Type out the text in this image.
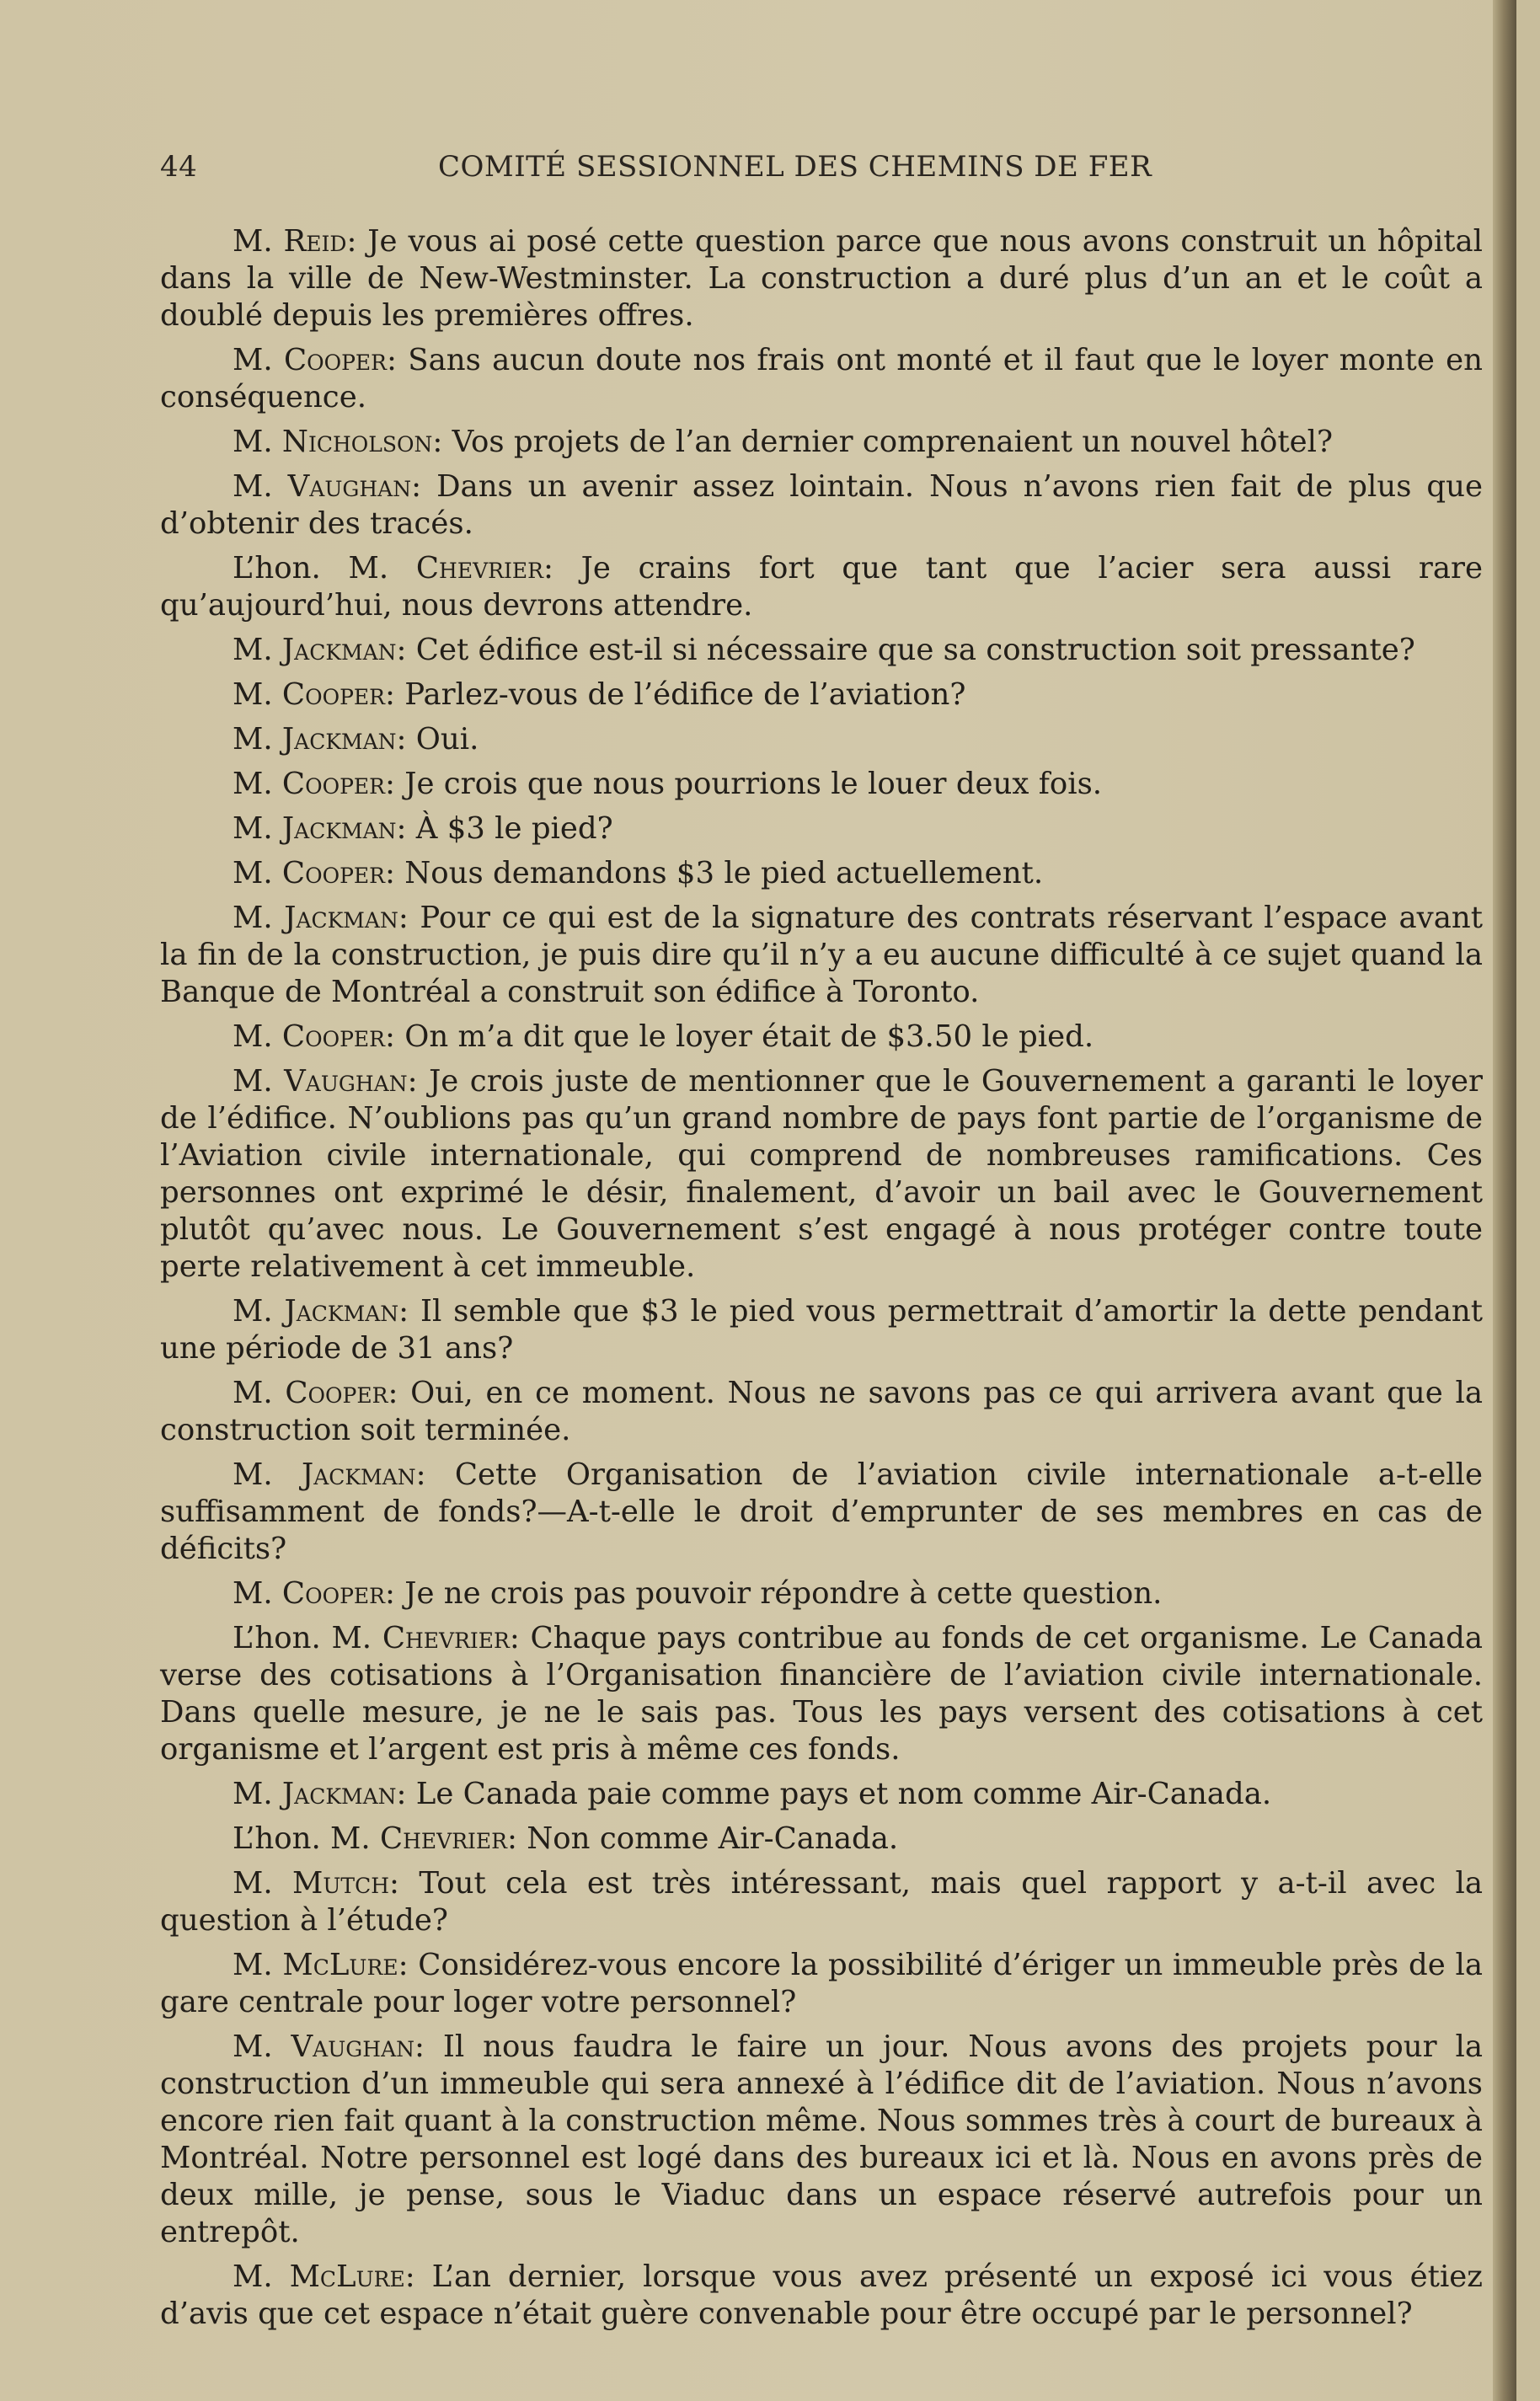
44	COMITÉ SESSIONNEL DES CHEMINS DE FER

M. Reid: Je vous ai posé cette question parce que nous avons construit un hôpital dans la ville de New-Westminster. La construction a duré plus d’un an et le coût a doublé depuis les premières offres.

M. Cooper: Sans aucun doute nos frais ont monté et il faut que le loyer monte en conséquence.

M. Nicholson: Vos projets de l’an dernier comprenaient un nouvel hôtel?

M. Vaughan: Dans un avenir assez lointain. Nous n’avons rien fait de plus que d’obtenir des tracés.

L’hon. M. Chevrier: Je crains fort que tant que l’acier sera aussi rare qu’aujourd’hui, nous devrons attendre.

M. Jackman: Cet édifice est-il si nécessaire que sa construction soit pressante?

M. Cooper: Parlez-vous de l’édifice de l’aviation?

M. Jackman: Oui.

M. Cooper: Je crois que nous pourrions le louer deux fois.

M. Jackman: À $3 le pied?

M. Cooper: Nous demandons $3 le pied actuellement.

M. Jackman: Pour ce qui est de la signature des contrats réservant l’espace avant la fin de la construction, je puis dire qu’il n’y a eu aucune difficulté à ce sujet quand la Banque de Montréal a construit son édifice à Toronto.

M. Cooper: On m’a dit que le loyer était de $3.50 le pied.

M. Vaughan: Je crois juste de mentionner que le Gouvernement a garanti le loyer de l’édifice. N’oublions pas qu’un grand nombre de pays font partie de l’organisme de l’Aviation civile internationale, qui comprend de nombreuses ramifications. Ces personnes ont exprimé le désir, finalement, d’avoir un bail avec le Gouvernement plutôt qu’avec nous. Le Gouvernement s’est engagé à nous protéger contre toute perte relativement à cet immeuble.

M. Jackman: Il semble que $3 le pied vous permettrait d’amortir la dette pendant une période de 31 ans?

M. Cooper: Oui, en ce moment. Nous ne savons pas ce qui arrivera avant que la construction soit terminée.

M. Jackman: Cette Organisation de l’aviation civile internationale a-t-elle suffisamment de fonds?—A-t-elle le droit d’emprunter de ses membres en cas de déficits?

M. Cooper: Je ne crois pas pouvoir répondre à cette question.

L’hon. M. Chevrier: Chaque pays contribue au fonds de cet organisme. Le Canada verse des cotisations à l’Organisation financière de l’aviation civile internationale. Dans quelle mesure, je ne le sais pas. Tous les pays versent des cotisations à cet organisme et l’argent est pris à même ces fonds.

M. Jackman: Le Canada paie comme pays et nom comme Air-Canada.

L’hon. M. Chevrier: Non comme Air-Canada.

M. Mutch: Tout cela est très intéressant, mais quel rapport y a-t-il avec la question à l’étude?

M. McLure: Considérez-vous encore la possibilité d’ériger un immeuble près de la gare centrale pour loger votre personnel?

M. Vaughan: Il nous faudra le faire un jour. Nous avons des projets pour la construction d’un immeuble qui sera annexé à l’édifice dit de l’aviation. Nous n’avons encore rien fait quant à la construction même. Nous sommes très à court de bureaux à Montréal. Notre personnel est logé dans des bureaux ici et là. Nous en avons près de deux mille, je pense, sous le Viaduc dans un espace réservé autrefois pour un entrepôt.

M. McLure: L’an dernier, lorsque vous avez présenté un exposé ici vous étiez d’avis que cet espace n’était guère convenable pour être occupé par le personnel?
